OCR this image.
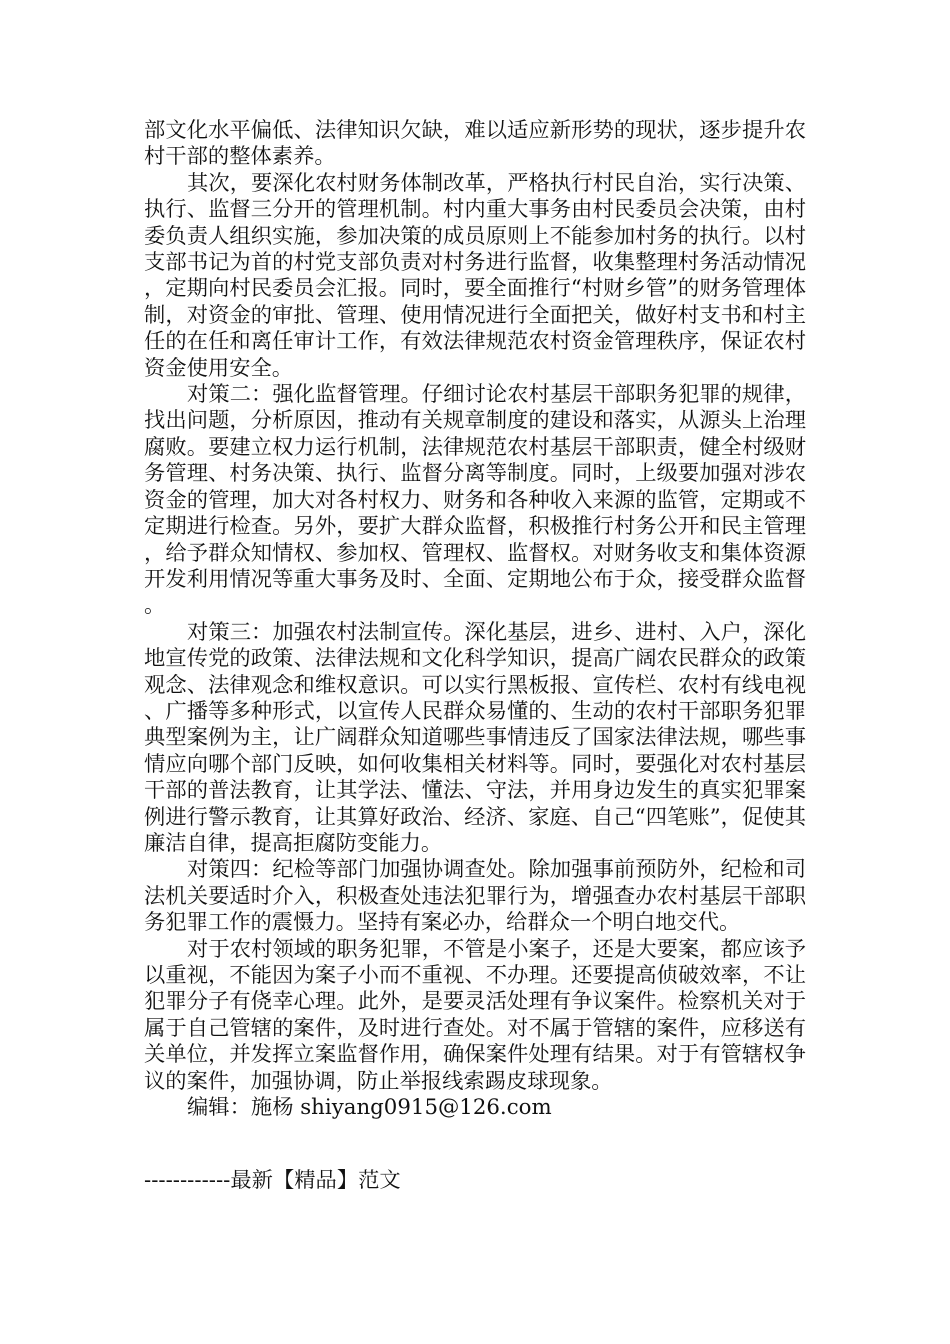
部文化水平偏低、法律知识欠缺，难以适应新形势的现状，逐步提升农村干部的整体素养。

其次，要深化农村财务体制改革，严格执行村民自治，实行决策、执行、监督三分开的管理机制。村内重大事务由村民委员会决策，由村委负责人组织实施，参加决策的成员原则上不能参加村务的执行。以村支部书记为首的村党支部负责对村务进行监督，收集整理村务活动情况，定期向村民委员会汇报。同时，要全面推行“村财乡管”的财务管理体制，对资金的审批、管理、使用情况进行全面把关，做好村支书和村主任的在任和离任审计工作，有效法律规范农村资金管理秩序，保证农村资金使用安全。

对策二：强化监督管理。仔细讨论农村基层干部职务犯罪的规律，找出问题，分析原因，推动有关规章制度的建设和落实，从源头上治理腐败。要建立权力运行机制，法律规范农村基层干部职责，健全村级财务管理、村务决策、执行、监督分离等制度。同时，上级要加强对涉农资金的管理，加大对各村权力、财务和各种收入来源的监管，定期或不定期进行检查。另外，要扩大群众监督，积极推行村务公开和民主管理，给予群众知情权、参加权、管理权、监督权。对财务收支和集体资源开发利用情况等重大事务及时、全面、定期地公布于众，接受群众监督。

对策三：加强农村法制宣传。深化基层，进乡、进村、入户，深化地宣传党的政策、法律法规和文化科学知识，提高广阔农民群众的政策观念、法律观念和维权意识。可以实行黑板报、宣传栏、农村有线电视、广播等多种形式，以宣传人民群众易懂的、生动的农村干部职务犯罪典型案例为主，让广阔群众知道哪些事情违反了国家法律法规，哪些事情应向哪个部门反映，如何收集相关材料等。同时，要强化对农村基层干部的普法教育，让其学法、懂法、守法，并用身边发生的真实犯罪案例进行警示教育，让其算好政治、经济、家庭、自己“四笔账”，促使其廉洁自律，提高拒腐防变能力。

对策四：纪检等部门加强协调查处。除加强事前预防外，纪检和司法机关要适时介入，积极查处违法犯罪行为，增强查办农村基层干部职务犯罪工作的震慑力。坚持有案必办，给群众一个明白地交代。

对于农村领域的职务犯罪，不管是小案子，还是大要案，都应该予以重视，不能因为案子小而不重视、不办理。还要提高侦破效率，不让犯罪分子有侥幸心理。此外，是要灵活处理有争议案件。检察机关对于属于自己管辖的案件，及时进行查处。对不属于管辖的案件，应移送有关单位，并发挥立案监督作用，确保案件处理有结果。对于有管辖权争议的案件，加强协调，防止举报线索踢皮球现象。

编辑：施杨 shiyang0915@126.com

------------最新【精品】范文
